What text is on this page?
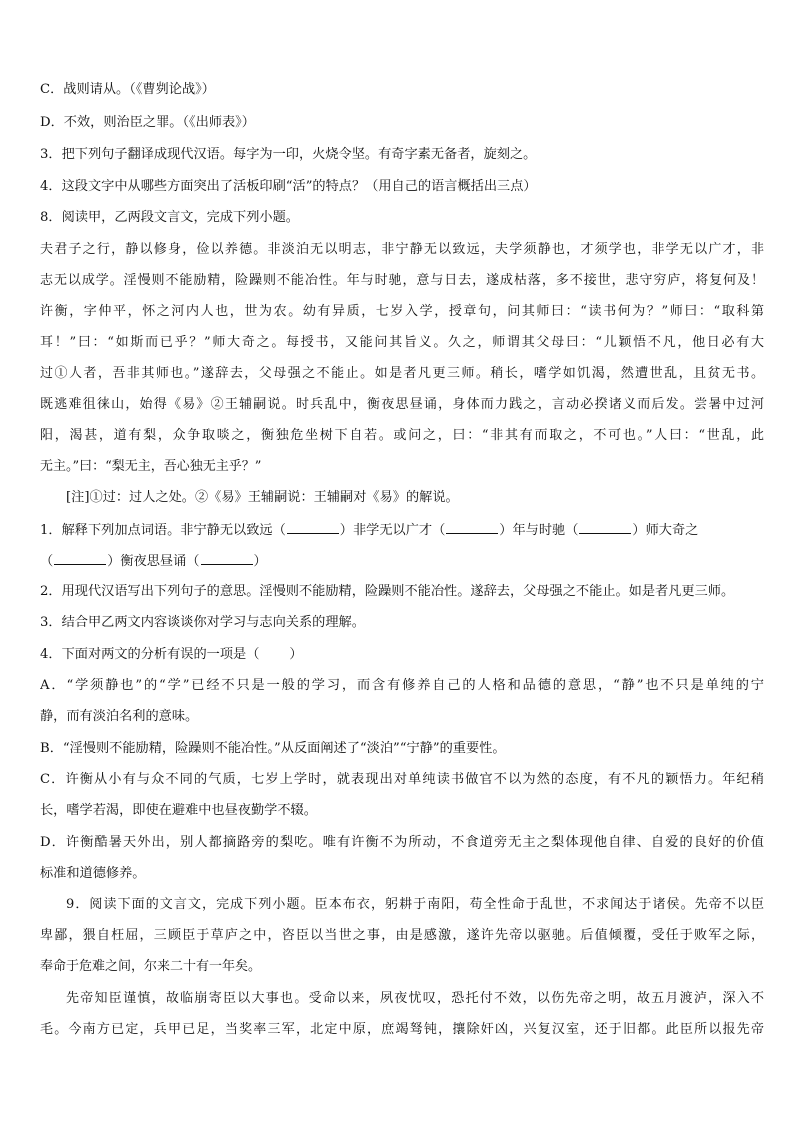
C．战则请从。（《曹刿论战》）
D．不效，则治臣之罪。（《出师表》）
3．把下列句子翻译成现代汉语。每字为一印，火烧令坚。有奇字素无备者，旋刻之。
4．这段文字中从哪些方面突出了活板印刷“活”的特点？（用自己的语言概括出三点）
8．阅读甲，乙两段文言文，完成下列小题。
夫君子之行，静以修身，俭以养德。非淡泊无以明志，非宁静无以致远，夫学须静也，才须学也，非学无以广才，非
志无以成学。淫慢则不能励精，险躁则不能冶性。年与时驰，意与日去，遂成枯落，多不接世，悲守穷庐，将复何及！
许衡，字仲平，怀之河内人也，世为农。幼有异质，七岁入学，授章句，问其师曰：“读书何为？”师曰：“取科第
耳！”曰：“如斯而已乎？”师大奇之。每授书，又能问其旨义。久之，师谓其父母曰：“儿颖悟不凡，他日必有大
过①人者，吾非其师也。”遂辞去，父母强之不能止。如是者凡更三师。稍长，嗜学如饥渴，然遭世乱，且贫无书。
既逃难徂徕山，始得《易》②王辅嗣说。时兵乱中，衡夜思昼诵，身体而力践之，言动必揆诸义而后发。尝暑中过河
阳，渴甚，道有梨，众争取啖之，衡独危坐树下自若。或问之，曰：“非其有而取之，不可也。”人曰：“世乱，此
无主。”曰：“梨无主，吾心独无主乎？”
[注]①过：过人之处。②《易》王辅嗣说：王辅嗣对《易》的解说。
1．解释下列加点词语。非宁静无以致远（	）非学无以广才（	）年与时驰（	）师大奇之
（	）衡夜思昼诵（	）
2．用现代汉语写出下列句子的意思。淫慢则不能励精，险躁则不能冶性。遂辞去，父母强之不能止。如是者凡更三师。
3．结合甲乙两文内容谈谈你对学习与志向关系的理解。
4．下面对两文的分析有误的一项是（ ）
A．“学须静也”的“学”已经不只是一般的学习，而含有修养自己的人格和品德的意思，“静”也不只是单纯的宁
静，而有淡泊名利的意味。
B．“淫慢则不能励精，险躁则不能冶性。”从反面阐述了“淡泊”“宁静”的重要性。
C．许衡从小有与众不同的气质，七岁上学时，就表现出对单纯读书做官不以为然的态度，有不凡的颖悟力。年纪稍
长，嗜学若渴，即使在避难中也昼夜勤学不辍。
D．许衡酷暑天外出，别人都摘路旁的梨吃。唯有许衡不为所动，不食道旁无主之梨体现他自律、自爱的良好的价值
标准和道德修养。
9．阅读下面的文言文，完成下列小题。臣本布衣，躬耕于南阳，苟全性命于乱世，不求闻达于诸侯。先帝不以臣
卑鄙，猥自枉屈，三顾臣于草庐之中，咨臣以当世之事，由是感激，遂许先帝以驱驰。后值倾覆，受任于败军之际，
奉命于危难之间，尔来二十有一年矣。
先帝知臣谨慎，故临崩寄臣以大事也。受命以来，夙夜忧叹，恐托付不效，以伤先帝之明，故五月渡泸，深入不
毛。今南方已定，兵甲已足，当奖率三军，北定中原，庶竭驽钝，攘除奸凶，兴复汉室，还于旧都。此臣所以报先帝
